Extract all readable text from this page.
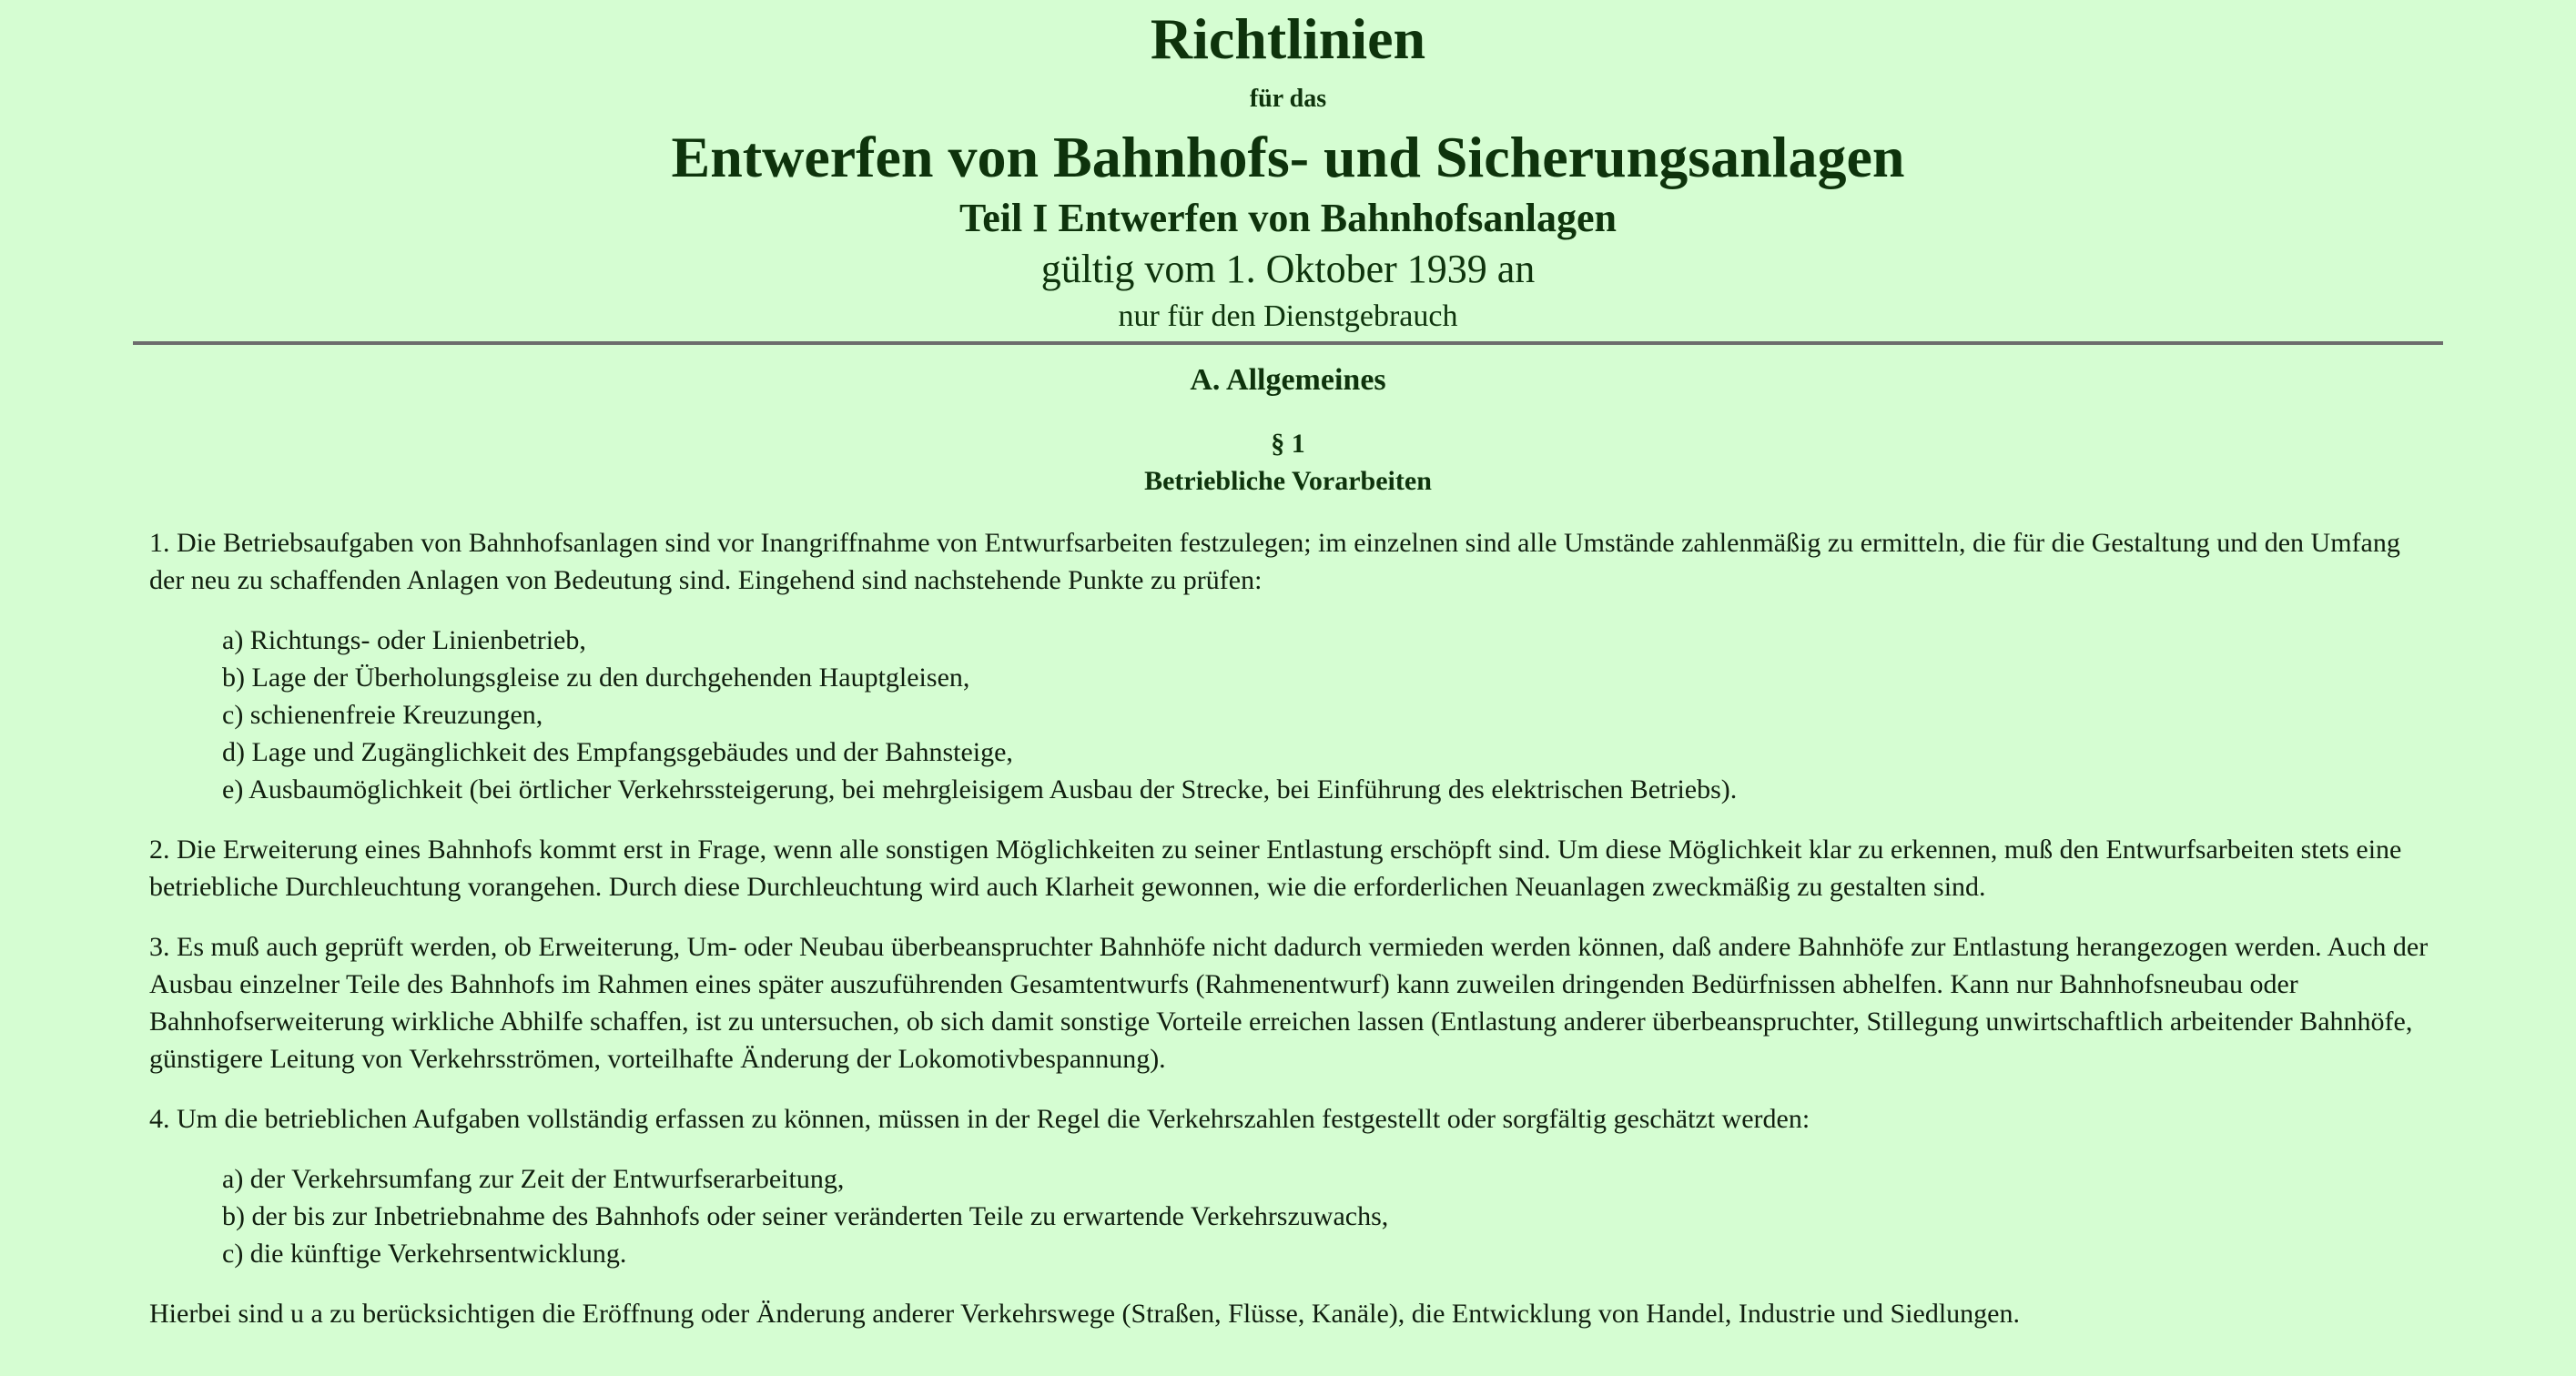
Richtlinien
für das
Entwerfen von Bahnhofs- und Sicherungsanlagen
Teil I Entwerfen von Bahnhofsanlagen
gültig vom 1. Oktober 1939 an
nur für den Dienstgebrauch
A. Allgemeines
§ 1
Betriebliche Vorarbeiten

1. Die Betriebsaufgaben von Bahnhofsanlagen sind vor Inangriffnahme von Entwurfsarbeiten festzulegen; im einzelnen sind alle Umstände zahlenmäßig zu ermitteln, die für die Gestaltung und den Umfang der neu zu schaffenden Anlagen von Bedeutung sind. Eingehend sind nachstehende Punkte zu prüfen:

a) Richtungs- oder Linienbetrieb,
b) Lage der Überholungsgleise zu den durchgehenden Hauptgleisen,
c) schienenfreie Kreuzungen,
d) Lage und Zugänglichkeit des Empfangsgebäudes und der Bahnsteige,
e) Ausbaumöglichkeit (bei örtlicher Verkehrssteigerung, bei mehrgleisigem Ausbau der Strecke, bei Einführung des elektrischen Betriebs).

2. Die Erweiterung eines Bahnhofs kommt erst in Frage, wenn alle sonstigen Möglichkeiten zu seiner Entlastung erschöpft sind. Um diese Möglichkeit klar zu erkennen, muß den Entwurfsarbeiten stets eine betriebliche Durchleuchtung vorangehen. Durch diese Durchleuchtung wird auch Klarheit gewonnen, wie die erforderlichen Neuanlagen zweckmäßig zu gestalten sind.

3. Es muß auch geprüft werden, ob Erweiterung, Um- oder Neubau überbeanspruchter Bahnhöfe nicht dadurch vermieden werden können, daß andere Bahnhöfe zur Entlastung herangezogen werden. Auch der Ausbau einzelner Teile des Bahnhofs im Rahmen eines später auszuführenden Gesamtentwurfs (Rahmenentwurf) kann zuweilen dringenden Bedürfnissen abhelfen. Kann nur Bahnhofsneubau oder Bahnhofserweiterung wirkliche Abhilfe schaffen, ist zu untersuchen, ob sich damit sonstige Vorteile erreichen lassen (Entlastung anderer überbeanspruchter, Stillegung unwirtschaftlich arbeitender Bahnhöfe, günstigere Leitung von Verkehrsströmen, vorteilhafte Änderung der Lokomotivbespannung).

4. Um die betrieblichen Aufgaben vollständig erfassen zu können, müssen in der Regel die Verkehrszahlen festgestellt oder sorgfältig geschätzt werden:

a) der Verkehrsumfang zur Zeit der Entwurfserarbeitung,
b) der bis zur Inbetriebnahme des Bahnhofs oder seiner veränderten Teile zu erwartende Verkehrszuwachs,
c) die künftige Verkehrsentwicklung.

Hierbei sind u a zu berücksichtigen die Eröffnung oder Änderung anderer Verkehrswege (Straßen, Flüsse, Kanäle), die Entwicklung von Handel, Industrie und Siedlungen.
